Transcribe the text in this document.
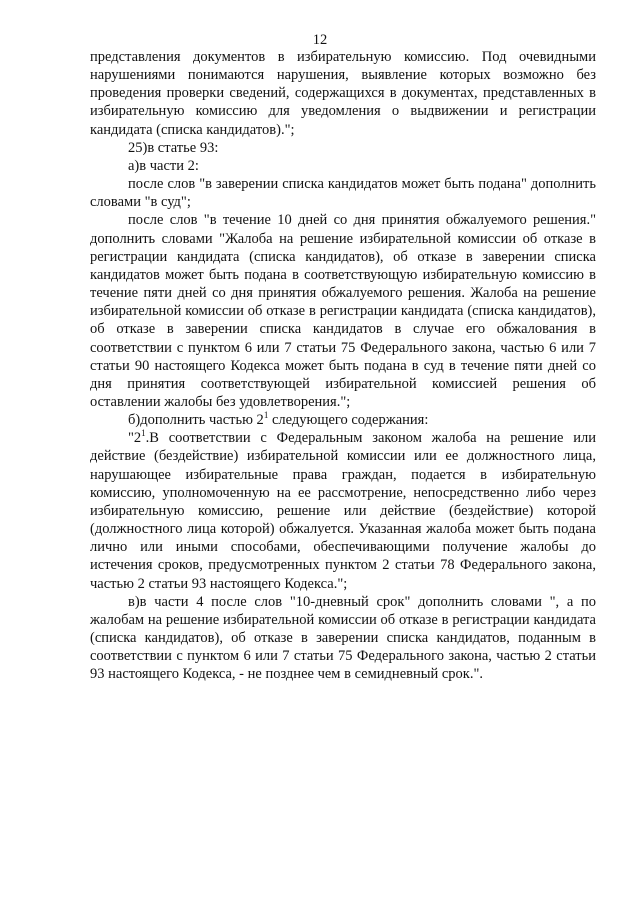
12

представления документов в избирательную комиссию. Под очевидными нарушениями понимаются нарушения, выявление которых возможно без проведения проверки сведений, содержащихся в документах, представленных в избирательную комиссию для уведомления о выдвижении и регистрации кандидата (списка кандидатов).";

25)в статье 93:

а)в части 2:

после слов "в заверении списка кандидатов может быть подана" дополнить словами "в суд";

после слов "в течение 10 дней со дня принятия обжалуемого решения." дополнить словами "Жалоба на решение избирательной комиссии об отказе в регистрации кандидата (списка кандидатов), об отказе в заверении списка кандидатов может быть подана в соответствующую избирательную комиссию в течение пяти дней со дня принятия обжалуемого решения. Жалоба на решение избирательной комиссии об отказе в регистрации кандидата (списка кандидатов), об отказе в заверении списка кандидатов в случае его обжалования в соответствии с пунктом 6 или 7 статьи 75 Федерального закона, частью 6 или 7 статьи 90 настоящего Кодекса может быть подана в суд в течение пяти дней со дня принятия соответствующей избирательной комиссией решения об оставлении жалобы без удовлетворения.";

б)дополнить частью $2^1$ следующего содержания:

"$2^1.В$ соответствии с Федеральным законом жалоба на решение или действие (бездействие) избирательной комиссии или ее должностного лица, нарушающее избирательные права граждан, подается в избирательную комиссию, уполномоченную на ее рассмотрение, непосредственно либо через избирательную комиссию, решение или действие (бездействие) которой (должностного лица которой) обжалуется. Указанная жалоба может быть подана лично или иными способами, обеспечивающими получение жалобы до истечения сроков, предусмотренных пунктом 2 статьи 78 Федерального закона, частью 2 статьи 93 настоящего Кодекса.";

в)в части 4 после слов "10-дневный срок" дополнить словами ", а по жалобам на решение избирательной комиссии об отказе в регистрации кандидата (списка кандидатов), об отказе в заверении списка кандидатов, поданным в соответствии с пунктом 6 или 7 статьи 75 Федерального закона, частью 2 статьи 93 настоящего Кодекса, - не позднее чем в семидневный срок.".
